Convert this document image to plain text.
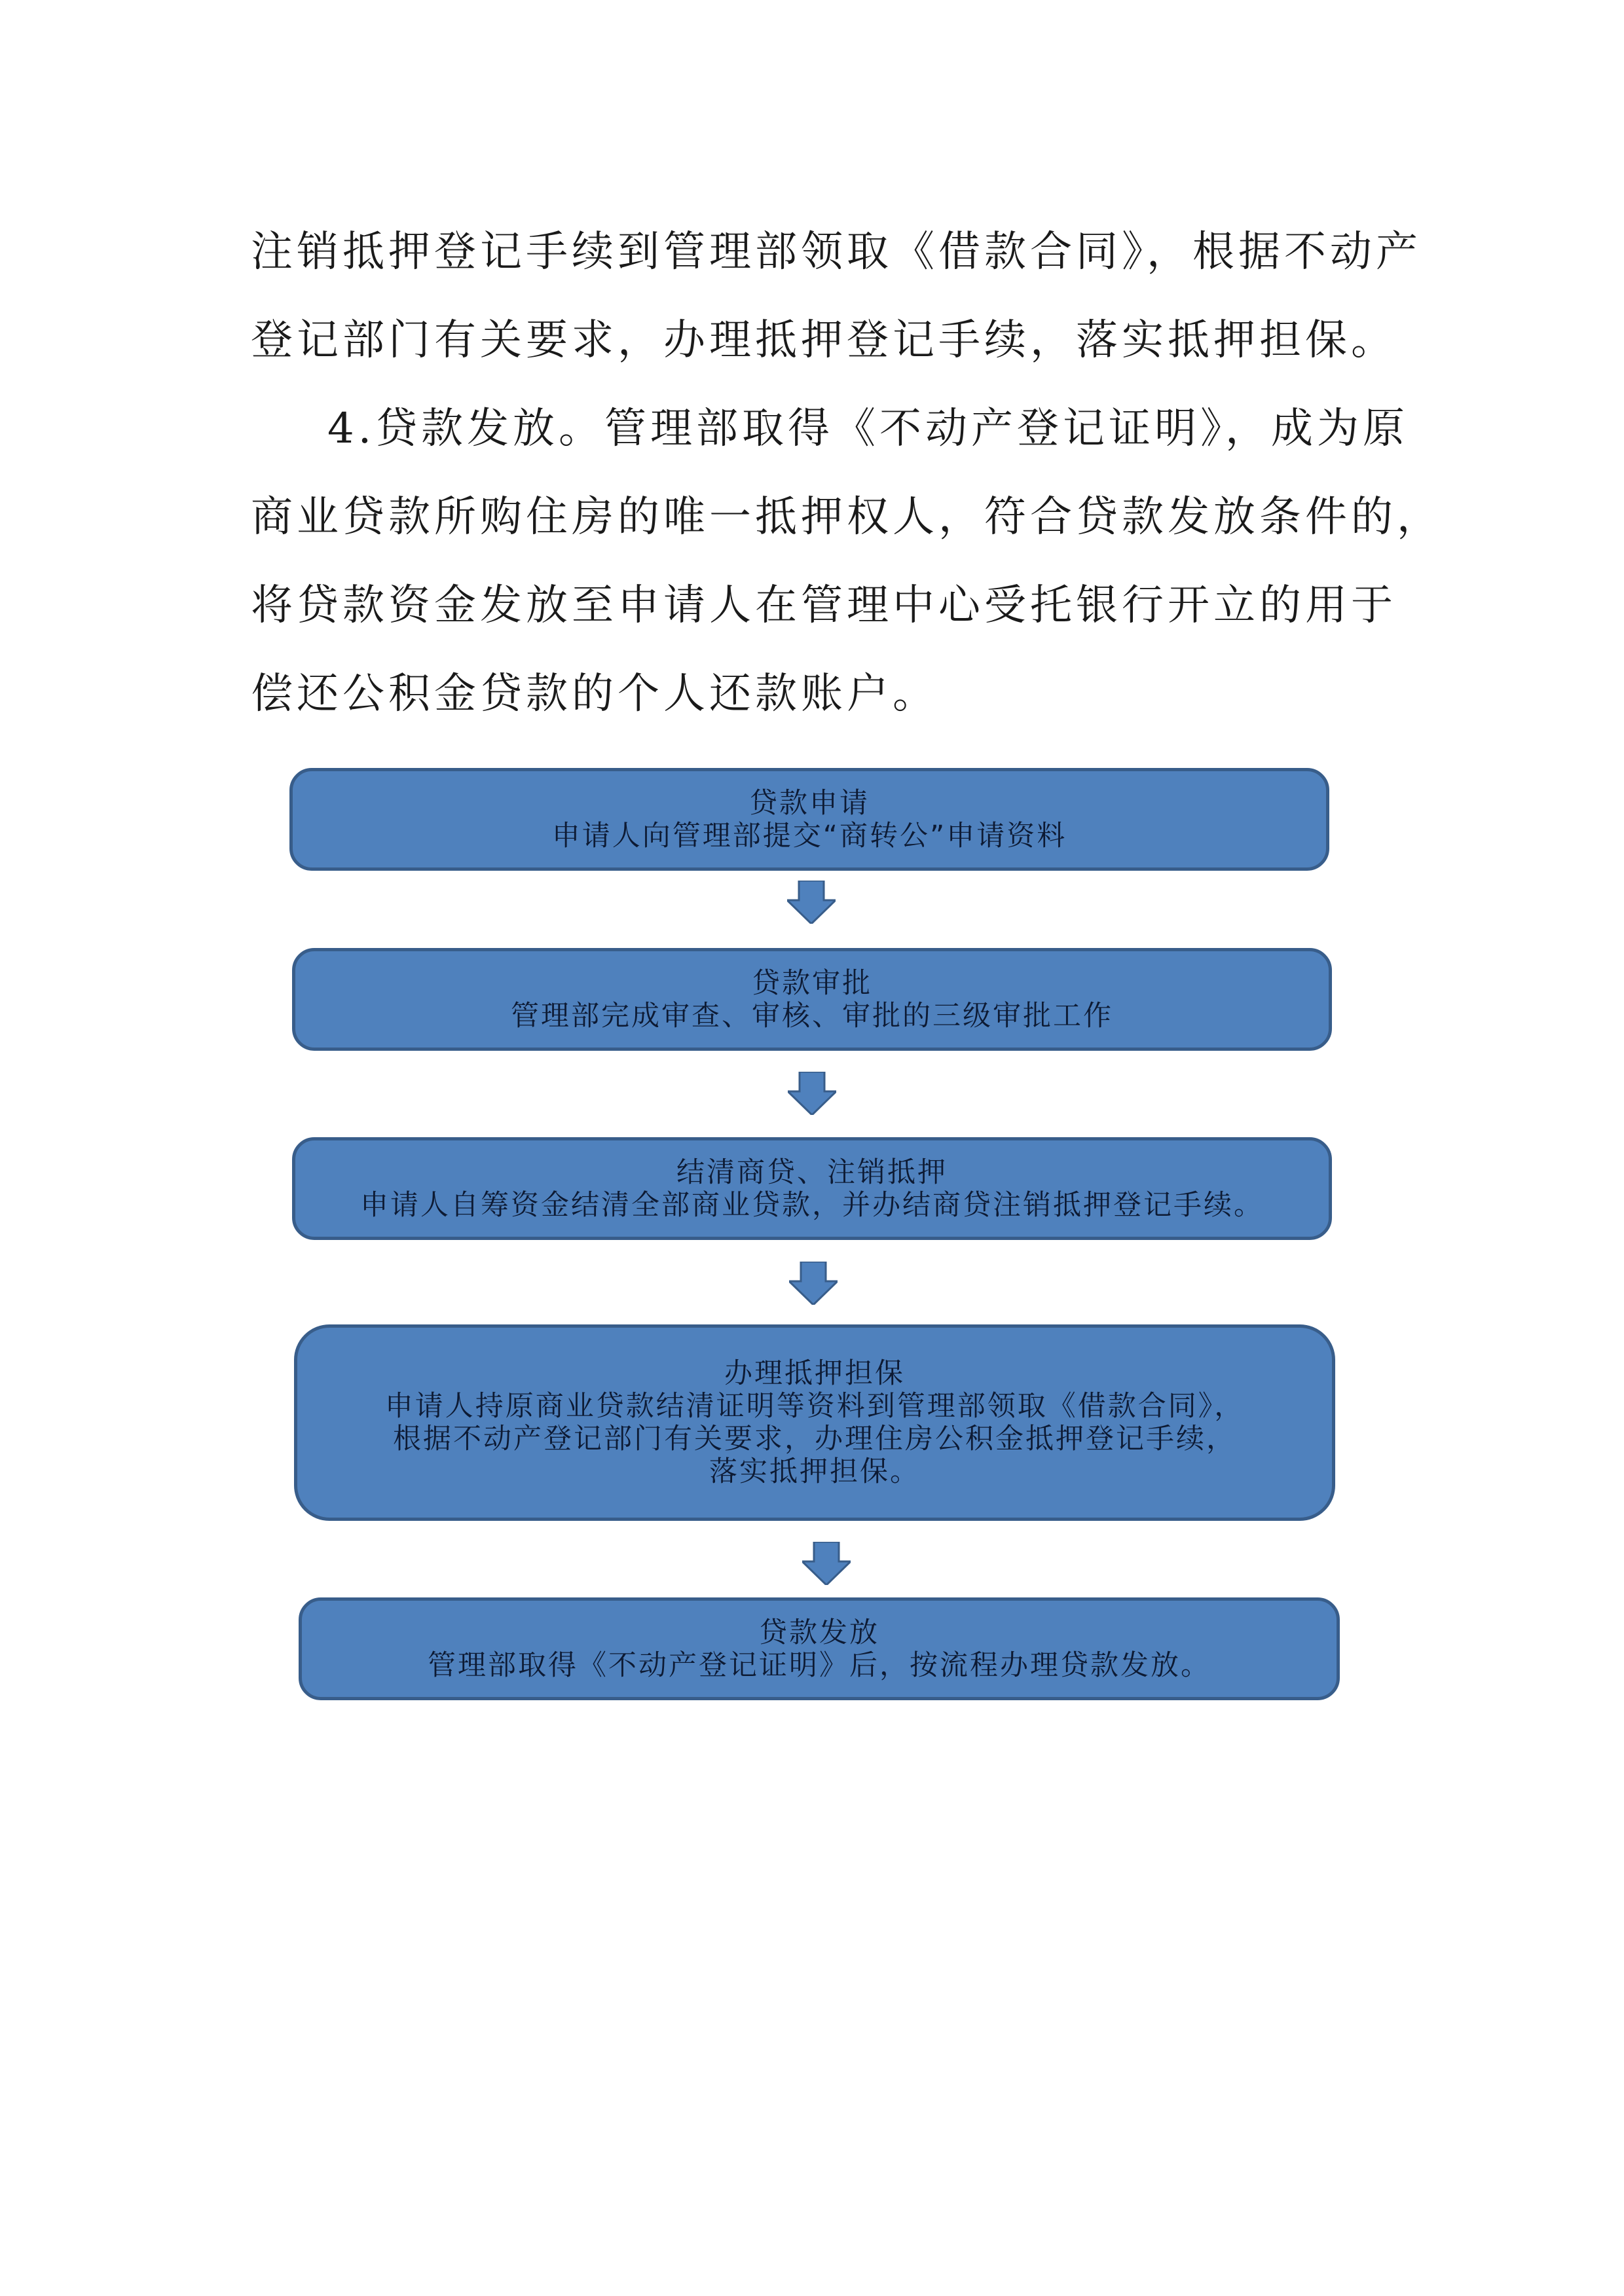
注销抵押登记手续到管理部领取《借款合同》，根据不动产

登记部门有关要求，办理抵押登记手续，落实抵押担保。

4.贷款发放。管理部取得《不动产登记证明》，成为原

商业贷款所购住房的唯一抵押权人，符合贷款发放条件的，

将贷款资金发放至申请人在管理中心受托银行开立的用于

偿还公积金贷款的个人还款账户。

贷款申请
申请人向管理部提交“商转公”申请资料
贷款审批
管理部完成审查、审核、审批的三级审批工作
结清商贷、注销抵押
申请人自筹资金结清全部商业贷款，并办结商贷注销抵押登记手续。
办理抵押担保
申请人持原商业贷款结清证明等资料到管理部领取《借款合同》，
根据不动产登记部门有关要求，办理住房公积金抵押登记手续，
落实抵押担保。
贷款发放
管理部取得《不动产登记证明》后，按流程办理贷款发放。
